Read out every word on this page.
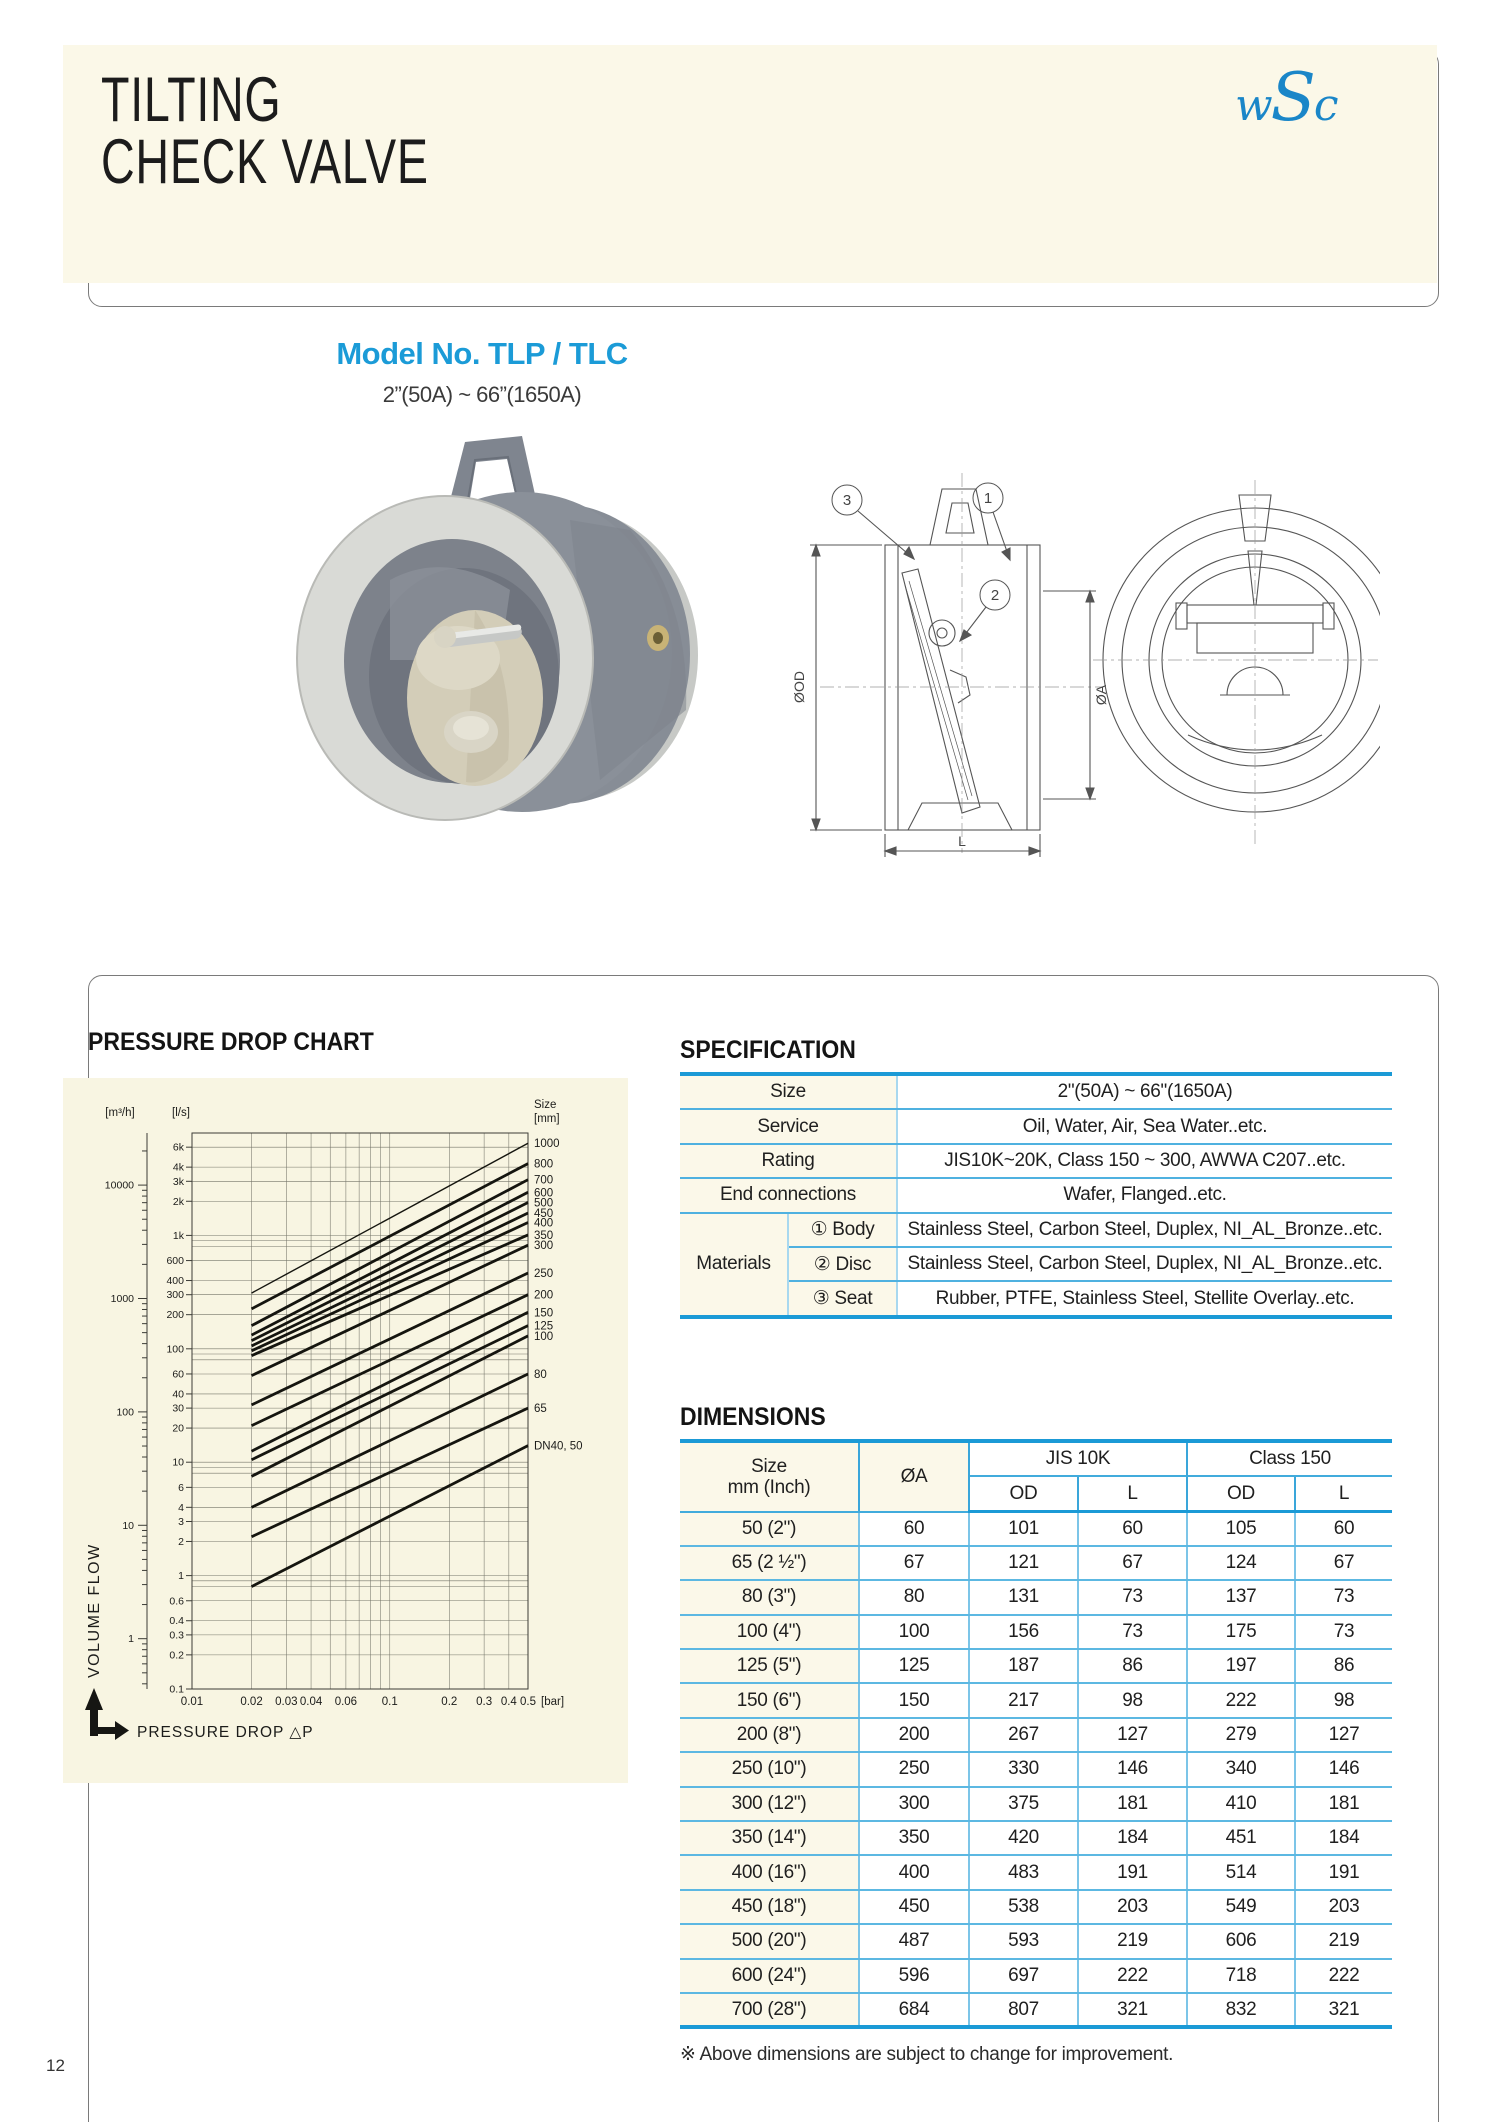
TILTING
CHECK VALVE
wSc
Model No. TLP / TLC
2”(50A) ~ 66”(1650A)
ØOD	ØA
L
3	1
2
PRESSURE DROP CHART
6k
4k
3k
2k
1k
600
400
300
200
100
60
40
30
20
10
6
4
3
2
1
0.6
0.4
0.3
0.2
0.1
1
10
100
1000
10000
1000
800
700
600
500
450
400
350
300
250
200
150
125
100
80
65
DN40, 50
0.01	0.02 0.03 0.04 0.06 0.1	0.2 0.3 0.4 0.5 [bar]
[m³/h]	[l/s]
Size
[mm]
VOLUME FLOW
PRESSURE DROP △P
SPECIFICATION
Size		2"(50A) ~ 66"(1650A)
Service		Oil, Water, Air, Sea Water..etc.
Rating		JIS10K~20K, Class 150 ~ 300, AWWA C207..etc.
End connections		Wafer, Flanged..etc.
Materials	① Body	Stainless Steel, Carbon Steel, Duplex, NI_AL_Bronze..etc.
	② Disc	Stainless Steel, Carbon Steel, Duplex, NI_AL_Bronze..etc.
	③ Seat	Rubber, PTFE, Stainless Steel, Stellite Overlay..etc.
DIMENSIONS
Size
mm (Inch)	ØA	JIS 10K		Class 150	
		OD	L	OD	L
50 (2")	60	101	60	105	60
65 (2 ½")	67	121	67	124	67
80 (3")	80	131	73	137	73
100 (4")	100	156	73	175	73
125 (5")	125	187	86	197	86
150 (6")	150	217	98	222	98
200 (8")	200	267	127	279	127
250 (10")	250	330	146	340	146
300 (12")	300	375	181	410	181
350 (14")	350	420	184	451	184
400 (16")	400	483	191	514	191
450 (18")	450	538	203	549	203
500 (20")	487	593	219	606	219
600 (24")	596	697	222	718	222
700 (28")	684	807	321	832	321
※ Above dimensions are subject to change for improvement.
12
